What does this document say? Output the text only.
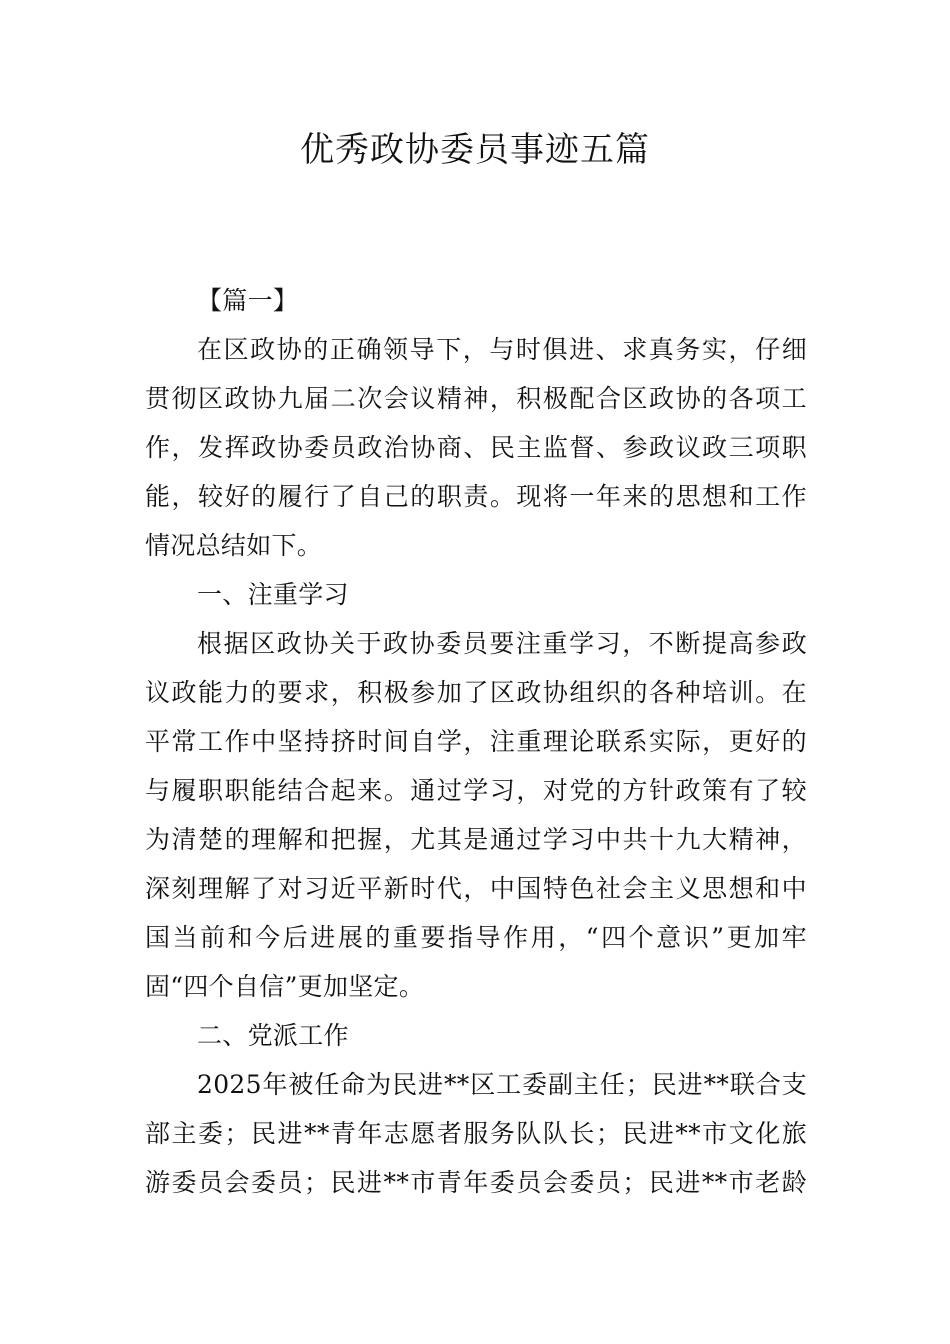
优秀政协委员事迹五篇
【篇一】
在区政协的正确领导下，与时俱进、求真务实，仔细
贯彻区政协九届二次会议精神，积极配合区政协的各项工
作，发挥政协委员政治协商、民主监督、参政议政三项职
能，较好的履行了自己的职责。现将一年来的思想和工作
情况总结如下。
一、注重学习
根据区政协关于政协委员要注重学习，不断提高参政
议政能力的要求，积极参加了区政协组织的各种培训。在
平常工作中坚持挤时间自学，注重理论联系实际，更好的
与履职职能结合起来。通过学习，对党的方针政策有了较
为清楚的理解和把握，尤其是通过学习中共十九大精神，
深刻理解了对习近平新时代，中国特色社会主义思想和中
国当前和今后进展的重要指导作用，“四个意识”更加牢
固“四个自信”更加坚定。
二、党派工作
2025年被任命为民进**区工委副主任；民进**联合支
部主委；民进**青年志愿者服务队队长；民进**市文化旅
游委员会委员；民进**市青年委员会委员；民进**市老龄
